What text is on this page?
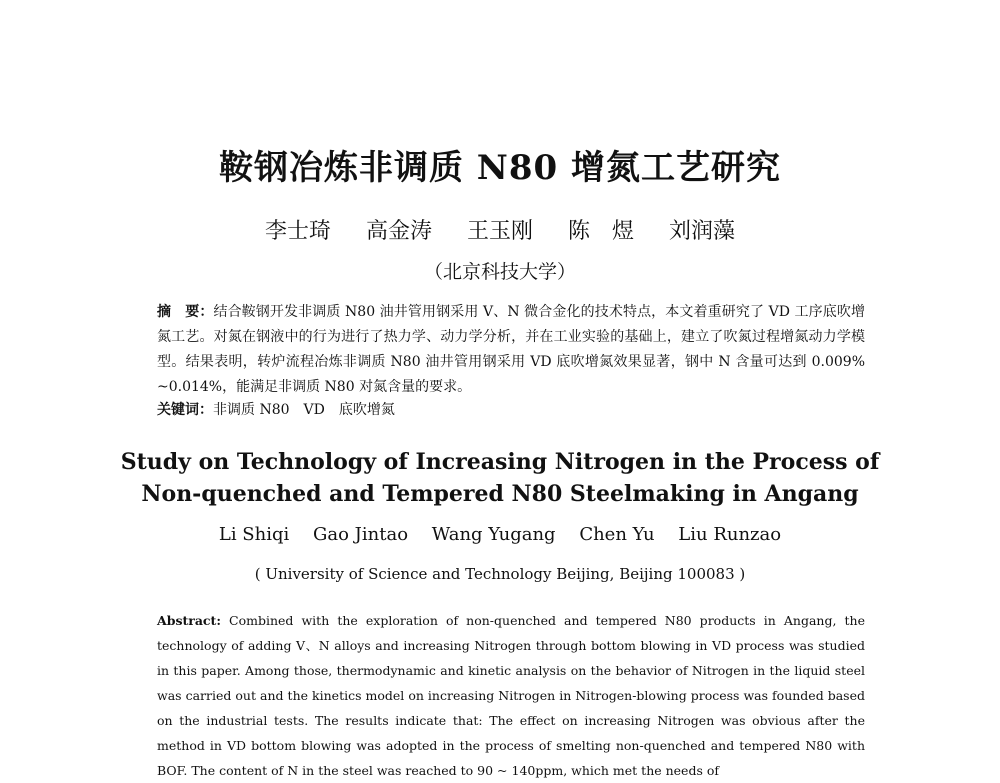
鞍钢冶炼非调质 N80 增氮工艺研究
李士琦 高金涛 王玉刚 陈　煜 刘润藻
（北京科技大学）
摘　要：结合鞍钢开发非调质 N80 油井管用钢采用 V、N 微合金化的技术特点，本文着重研究了 VD 工序底吹增氮工艺。对氮在钢液中的行为进行了热力学、动力学分析，并在工业实验的基础上，建立了吹氮过程增氮动力学模型。结果表明，转炉流程冶炼非调质 N80 油井管用钢采用 VD 底吹增氮效果显著，钢中 N 含量可达到 0.009% ~0.014%，能满足非调质 N80 对氮含量的要求。
关键词：非调质 N80　VD　底吹增氮
Study on Technology of Increasing Nitrogen in the Process of
Non-quenched and Tempered N80 Steelmaking in Angang
Li Shiqi Gao Jintao Wang Yugang Chen Yu Liu Runzao
( University of Science and Technology Beijing, Beijing 100083 )
Abstract: Combined with the exploration of non-quenched and tempered N80 products in Angang, the technology of adding V、N alloys and increasing Nitrogen through bottom blowing in VD process was studied in this paper. Among those, thermodynamic and kinetic analysis on the behavior of Nitrogen in the liquid steel was carried out and the kinetics model on increasing Nitrogen in Nitrogen-blowing process was founded based on the industrial tests. The results indicate that: The effect on increasing Nitrogen was obvious after the method in VD bottom blowing was adopted in the process of smelting non-quenched and tempered N80 with BOF. The content of N in the steel was reached to 90 ~ 140ppm, which met the needs of
